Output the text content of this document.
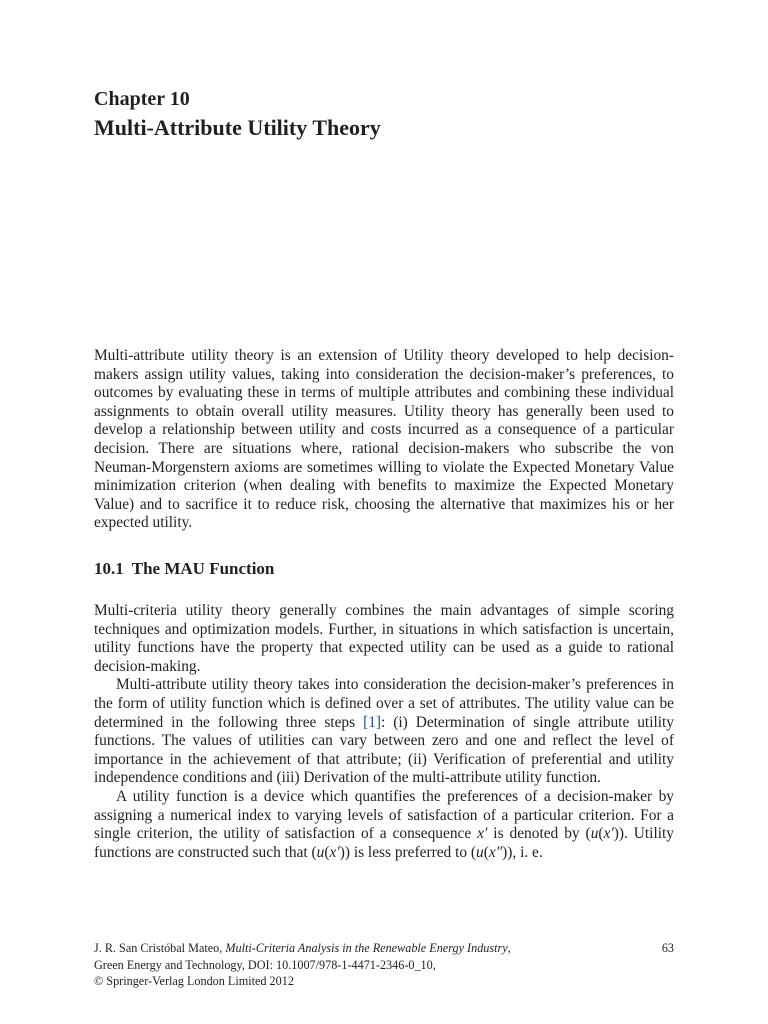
Chapter 10
Multi-Attribute Utility Theory

Multi-attribute utility theory is an extension of Utility theory developed to help decision-makers assign utility values, taking into consideration the decision-maker’s preferences, to outcomes by evaluating these in terms of multiple attributes and combining these individual assignments to obtain overall utility measures. Utility theory has generally been used to develop a relationship between utility and costs incurred as a consequence of a particular decision. There are situations where, rational decision-makers who subscribe the von Neuman-Morgenstern axioms are sometimes willing to violate the Expected Monetary Value minimization criterion (when dealing with benefits to maximize the Expected Monetary Value) and to sacrifice it to reduce risk, choosing the alternative that maximizes his or her expected utility.

10.1 The MAU Function

Multi-criteria utility theory generally combines the main advantages of simple scoring techniques and optimization models. Further, in situations in which satisfaction is uncertain, utility functions have the property that expected utility can be used as a guide to rational decision-making.

Multi-attribute utility theory takes into consideration the decision-maker’s preferences in the form of utility function which is defined over a set of attributes. The utility value can be determined in the following three steps [1]: (i) Determination of single attribute utility functions. The values of utilities can vary between zero and one and reflect the level of importance in the achievement of that attribute; (ii) Verification of preferential and utility independence conditions and (iii) Derivation of the multi-attribute utility function.

A utility function is a device which quantifies the preferences of a decision-maker by assigning a numerical index to varying levels of satisfaction of a particular criterion. For a single criterion, the utility of satisfaction of a consequence x′ is denoted by (u(x′)). Utility functions are constructed such that (u(x′)) is less preferred to (u(x″)), i. e.

J. R. San Cristóbal Mateo, Multi-Criteria Analysis in the Renewable Energy Industry,
Green Energy and Technology, DOI: 10.1007/978-1-4471-2346-0_10,
© Springer-Verlag London Limited 2012
63
